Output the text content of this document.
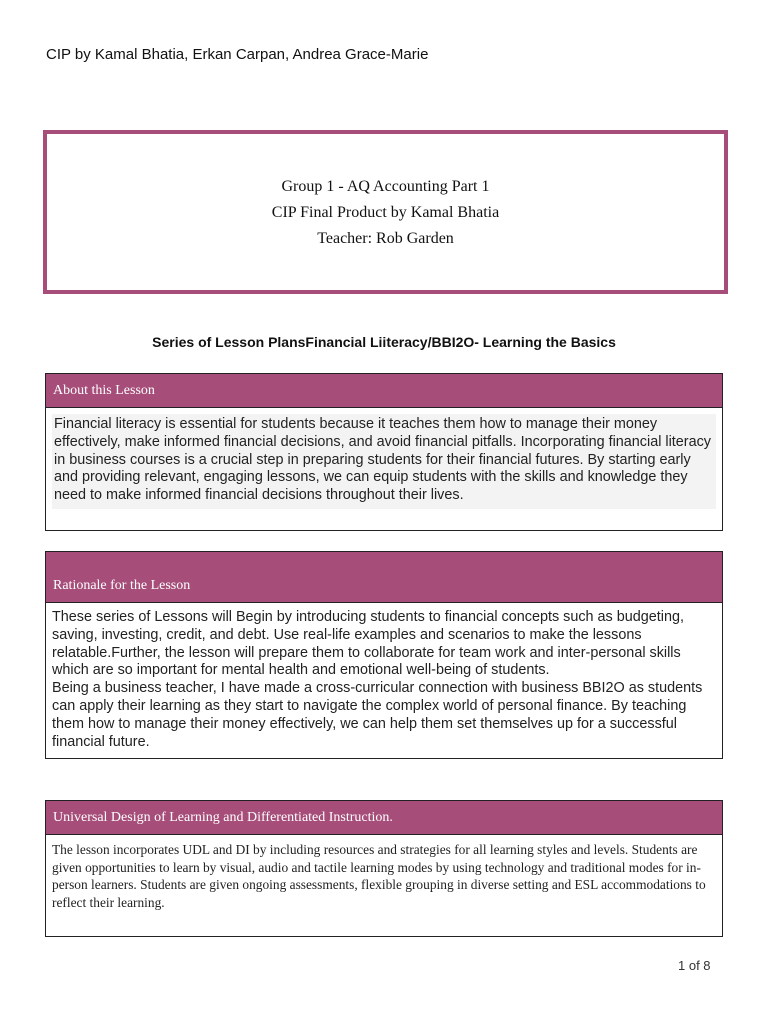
CIP by Kamal Bhatia, Erkan Carpan, Andrea Grace-Marie
Group 1 - AQ Accounting Part 1
CIP Final Product by Kamal Bhatia
Teacher: Rob Garden
Series of Lesson PlansFinancial Liiteracy/BBI2O- Learning the Basics
About this Lesson

Financial literacy is essential for students because it teaches them how to manage their money effectively, make informed financial decisions, and avoid financial pitfalls. Incorporating financial literacy in business courses is a crucial step in preparing students for their financial futures. By starting early and providing relevant, engaging lessons, we can equip students with the skills and knowledge they need to make informed financial decisions throughout their lives.

Rationale for the Lesson

These series of Lessons will Begin by introducing students to financial concepts such as budgeting, saving, investing, credit, and debt. Use real-life examples and scenarios to make the lessons relatable.Further, the lesson will prepare them to collaborate for team work and inter-personal skills which are so important for mental health and emotional well-being of students.

Being a business teacher, I have made a cross-curricular connection with business BBI2O as students can apply their learning as they start to navigate the complex world of personal finance. By teaching them how to manage their money effectively, we can help them set themselves up for a successful financial future.

Universal Design of Learning and Differentiated Instruction.

The lesson incorporates UDL and DI by including resources and strategies for all learning styles and levels. Students are given opportunities to learn by visual, audio and tactile learning modes by using technology and traditional modes for in-person learners. Students are given ongoing assessments, flexible grouping in diverse setting and ESL accommodations to reflect their learning.

1 of 8
